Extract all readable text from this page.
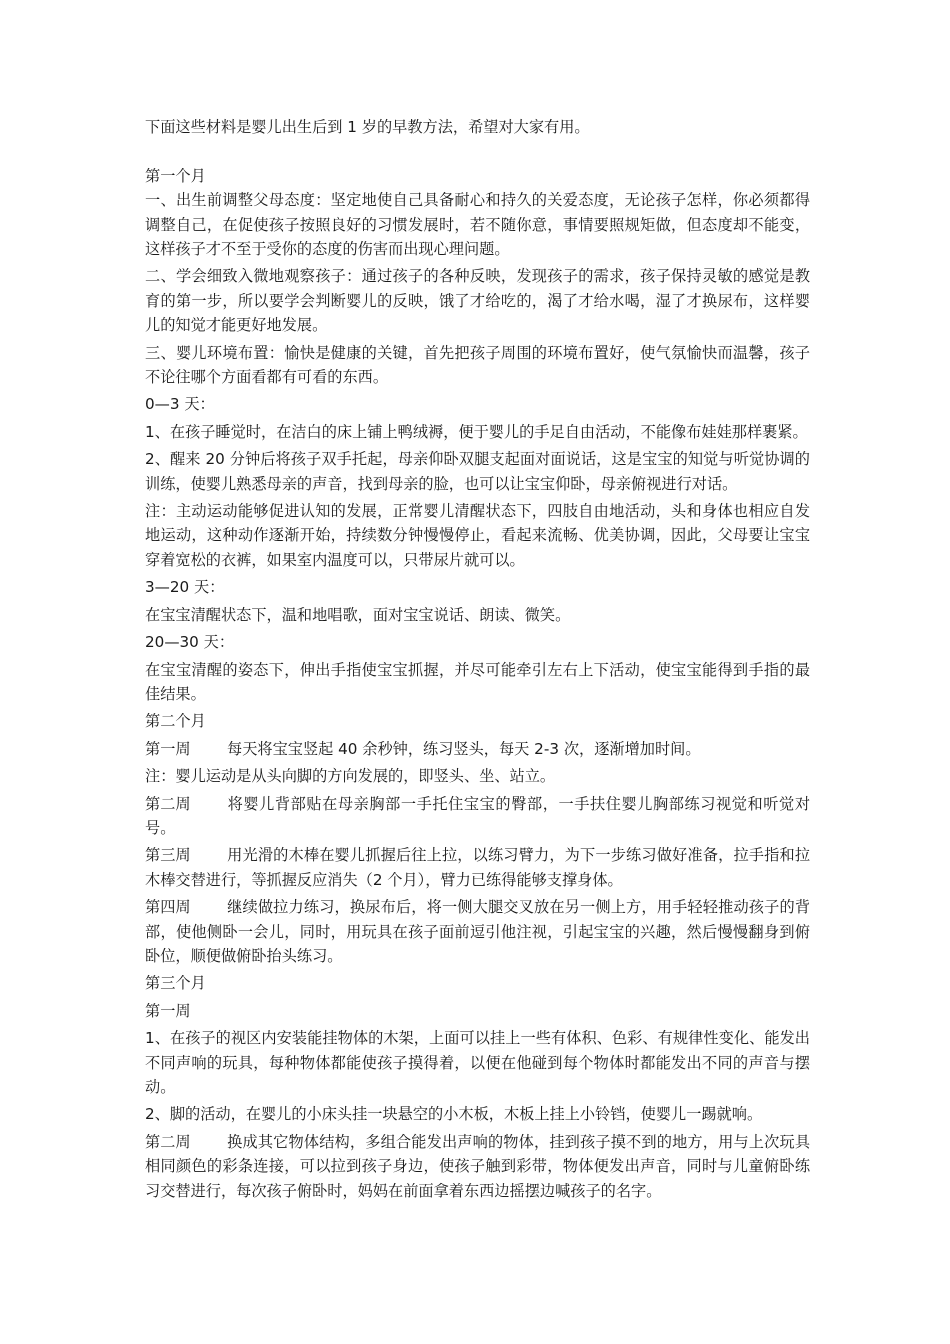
下面这些材料是婴儿出生后到 1 岁的早教方法，希望对大家有用。

第一个月

一、出生前调整父母态度：坚定地使自己具备耐心和持久的关爱态度，无论孩子怎样，你必须都得调整自己，在促使孩子按照良好的习惯发展时，若不随你意，事情要照规矩做，但态度却不能变，这样孩子才不至于受你的态度的伤害而出现心理问题。

二、学会细致入微地观察孩子：通过孩子的各种反映，发现孩子的需求，孩子保持灵敏的感觉是教育的第一步，所以要学会判断婴儿的反映，饿了才给吃的，渴了才给水喝，湿了才换尿布，这样婴儿的知觉才能更好地发展。

三、婴儿环境布置：愉快是健康的关键，首先把孩子周围的环境布置好，使气氛愉快而温馨，孩子不论往哪个方面看都有可看的东西。

0—3 天：

1、在孩子睡觉时，在洁白的床上铺上鸭绒褥，便于婴儿的手足自由活动，不能像布娃娃那样裹紧。

2、醒来 20 分钟后将孩子双手托起，母亲仰卧双腿支起面对面说话，这是宝宝的知觉与听觉协调的训练，使婴儿熟悉母亲的声音，找到母亲的脸，也可以让宝宝仰卧，母亲俯视进行对话。

注：主动运动能够促进认知的发展，正常婴儿清醒状态下，四肢自由地活动，头和身体也相应自发地运动，这种动作逐渐开始，持续数分钟慢慢停止，看起来流畅、优美协调，因此，父母要让宝宝穿着宽松的衣裤，如果室内温度可以，只带尿片就可以。

3—20 天：

在宝宝清醒状态下，温和地唱歌，面对宝宝说话、朗读、微笑。

20—30 天：

在宝宝清醒的姿态下，伸出手指使宝宝抓握，并尽可能牵引左右上下活动，使宝宝能得到手指的最佳结果。

第二个月

第一周 每天将宝宝竖起 40 余秒钟，练习竖头，每天 2-3 次，逐渐增加时间。

注：婴儿运动是从头向脚的方向发展的，即竖头、坐、站立。

第二周 将婴儿背部贴在母亲胸部一手托住宝宝的臀部，一手扶住婴儿胸部练习视觉和听觉对号。

第三周 用光滑的木棒在婴儿抓握后往上拉，以练习臂力，为下一步练习做好准备，拉手指和拉木棒交替进行，等抓握反应消失（2 个月），臂力已练得能够支撑身体。

第四周 继续做拉力练习，换尿布后，将一侧大腿交叉放在另一侧上方，用手轻轻推动孩子的背部，使他侧卧一会儿，同时，用玩具在孩子面前逗引他注视，引起宝宝的兴趣，然后慢慢翻身到俯卧位，顺便做俯卧抬头练习。

第三个月

第一周

1、在孩子的视区内安装能挂物体的木架，上面可以挂上一些有体积、色彩、有规律性变化、能发出不同声响的玩具，每种物体都能使孩子摸得着，以便在他碰到每个物体时都能发出不同的声音与摆动。

2、脚的活动，在婴儿的小床头挂一块悬空的小木板，木板上挂上小铃铛，使婴儿一踢就响。

第二周 换成其它物体结构，多组合能发出声响的物体，挂到孩子摸不到的地方，用与上次玩具相同颜色的彩条连接，可以拉到孩子身边，使孩子触到彩带，物体便发出声音，同时与儿童俯卧练习交替进行，每次孩子俯卧时，妈妈在前面拿着东西边摇摆边喊孩子的名字。
